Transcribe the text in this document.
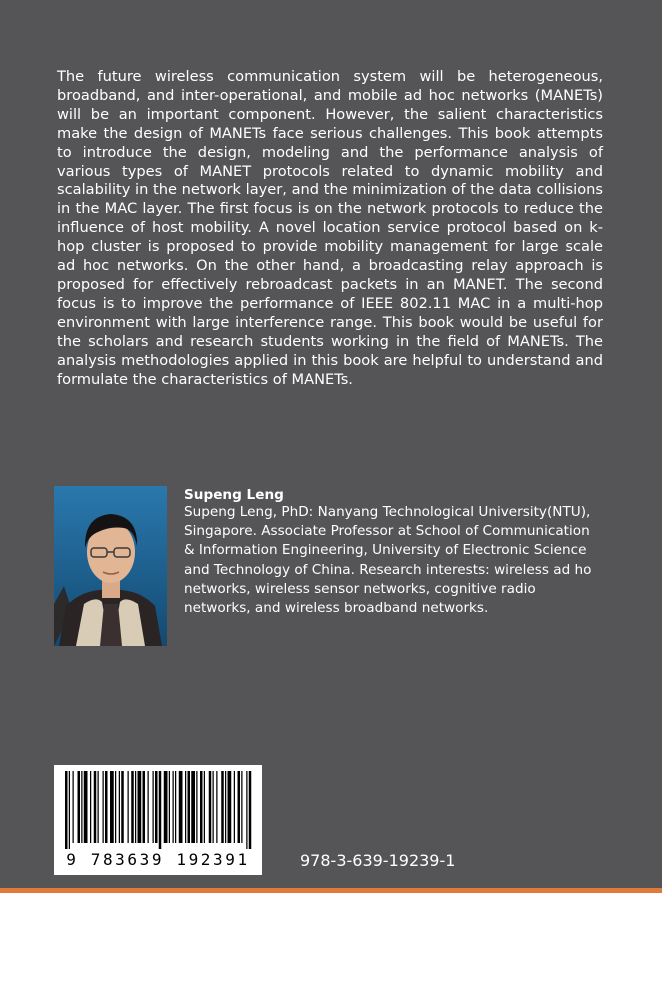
The future wireless communication system will be heterogeneous, broadband, and inter-operational, and mobile ad hoc networks (MANETs) will be an important component. However, the salient characteristics make the design of MANETs face serious challenges. This book attempts to introduce the design, modeling and the performance analysis of various types of MANET protocols related to dynamic mobility and scalability in the network layer, and the minimization of the data collisions in the MAC layer. The first focus is on the network protocols to reduce the influence of host mobility. A novel location service protocol based on k-hop cluster is proposed to provide mobility management for large scale ad hoc networks. On the other hand, a broadcasting relay approach is proposed for effectively rebroadcast packets in an MANET. The second focus is to improve the performance of IEEE 802.11 MAC in a multi-hop environment with large interference range. This book would be useful for the scholars and research students working in the field of MANETs. The analysis methodologies applied in this book are helpful to understand and formulate the characteristics of MANETs.

Supeng Leng

Supeng Leng, PhD: Nanyang Technological University(NTU), Singapore. Associate Professor at School of Communication & Information Engineering, University of Electronic Science and Technology of China. Research interests: wireless ad ho networks, wireless sensor networks, cognitive radio networks, and wireless broadband networks.

9 783639 192391	978-3-639-19239-1
